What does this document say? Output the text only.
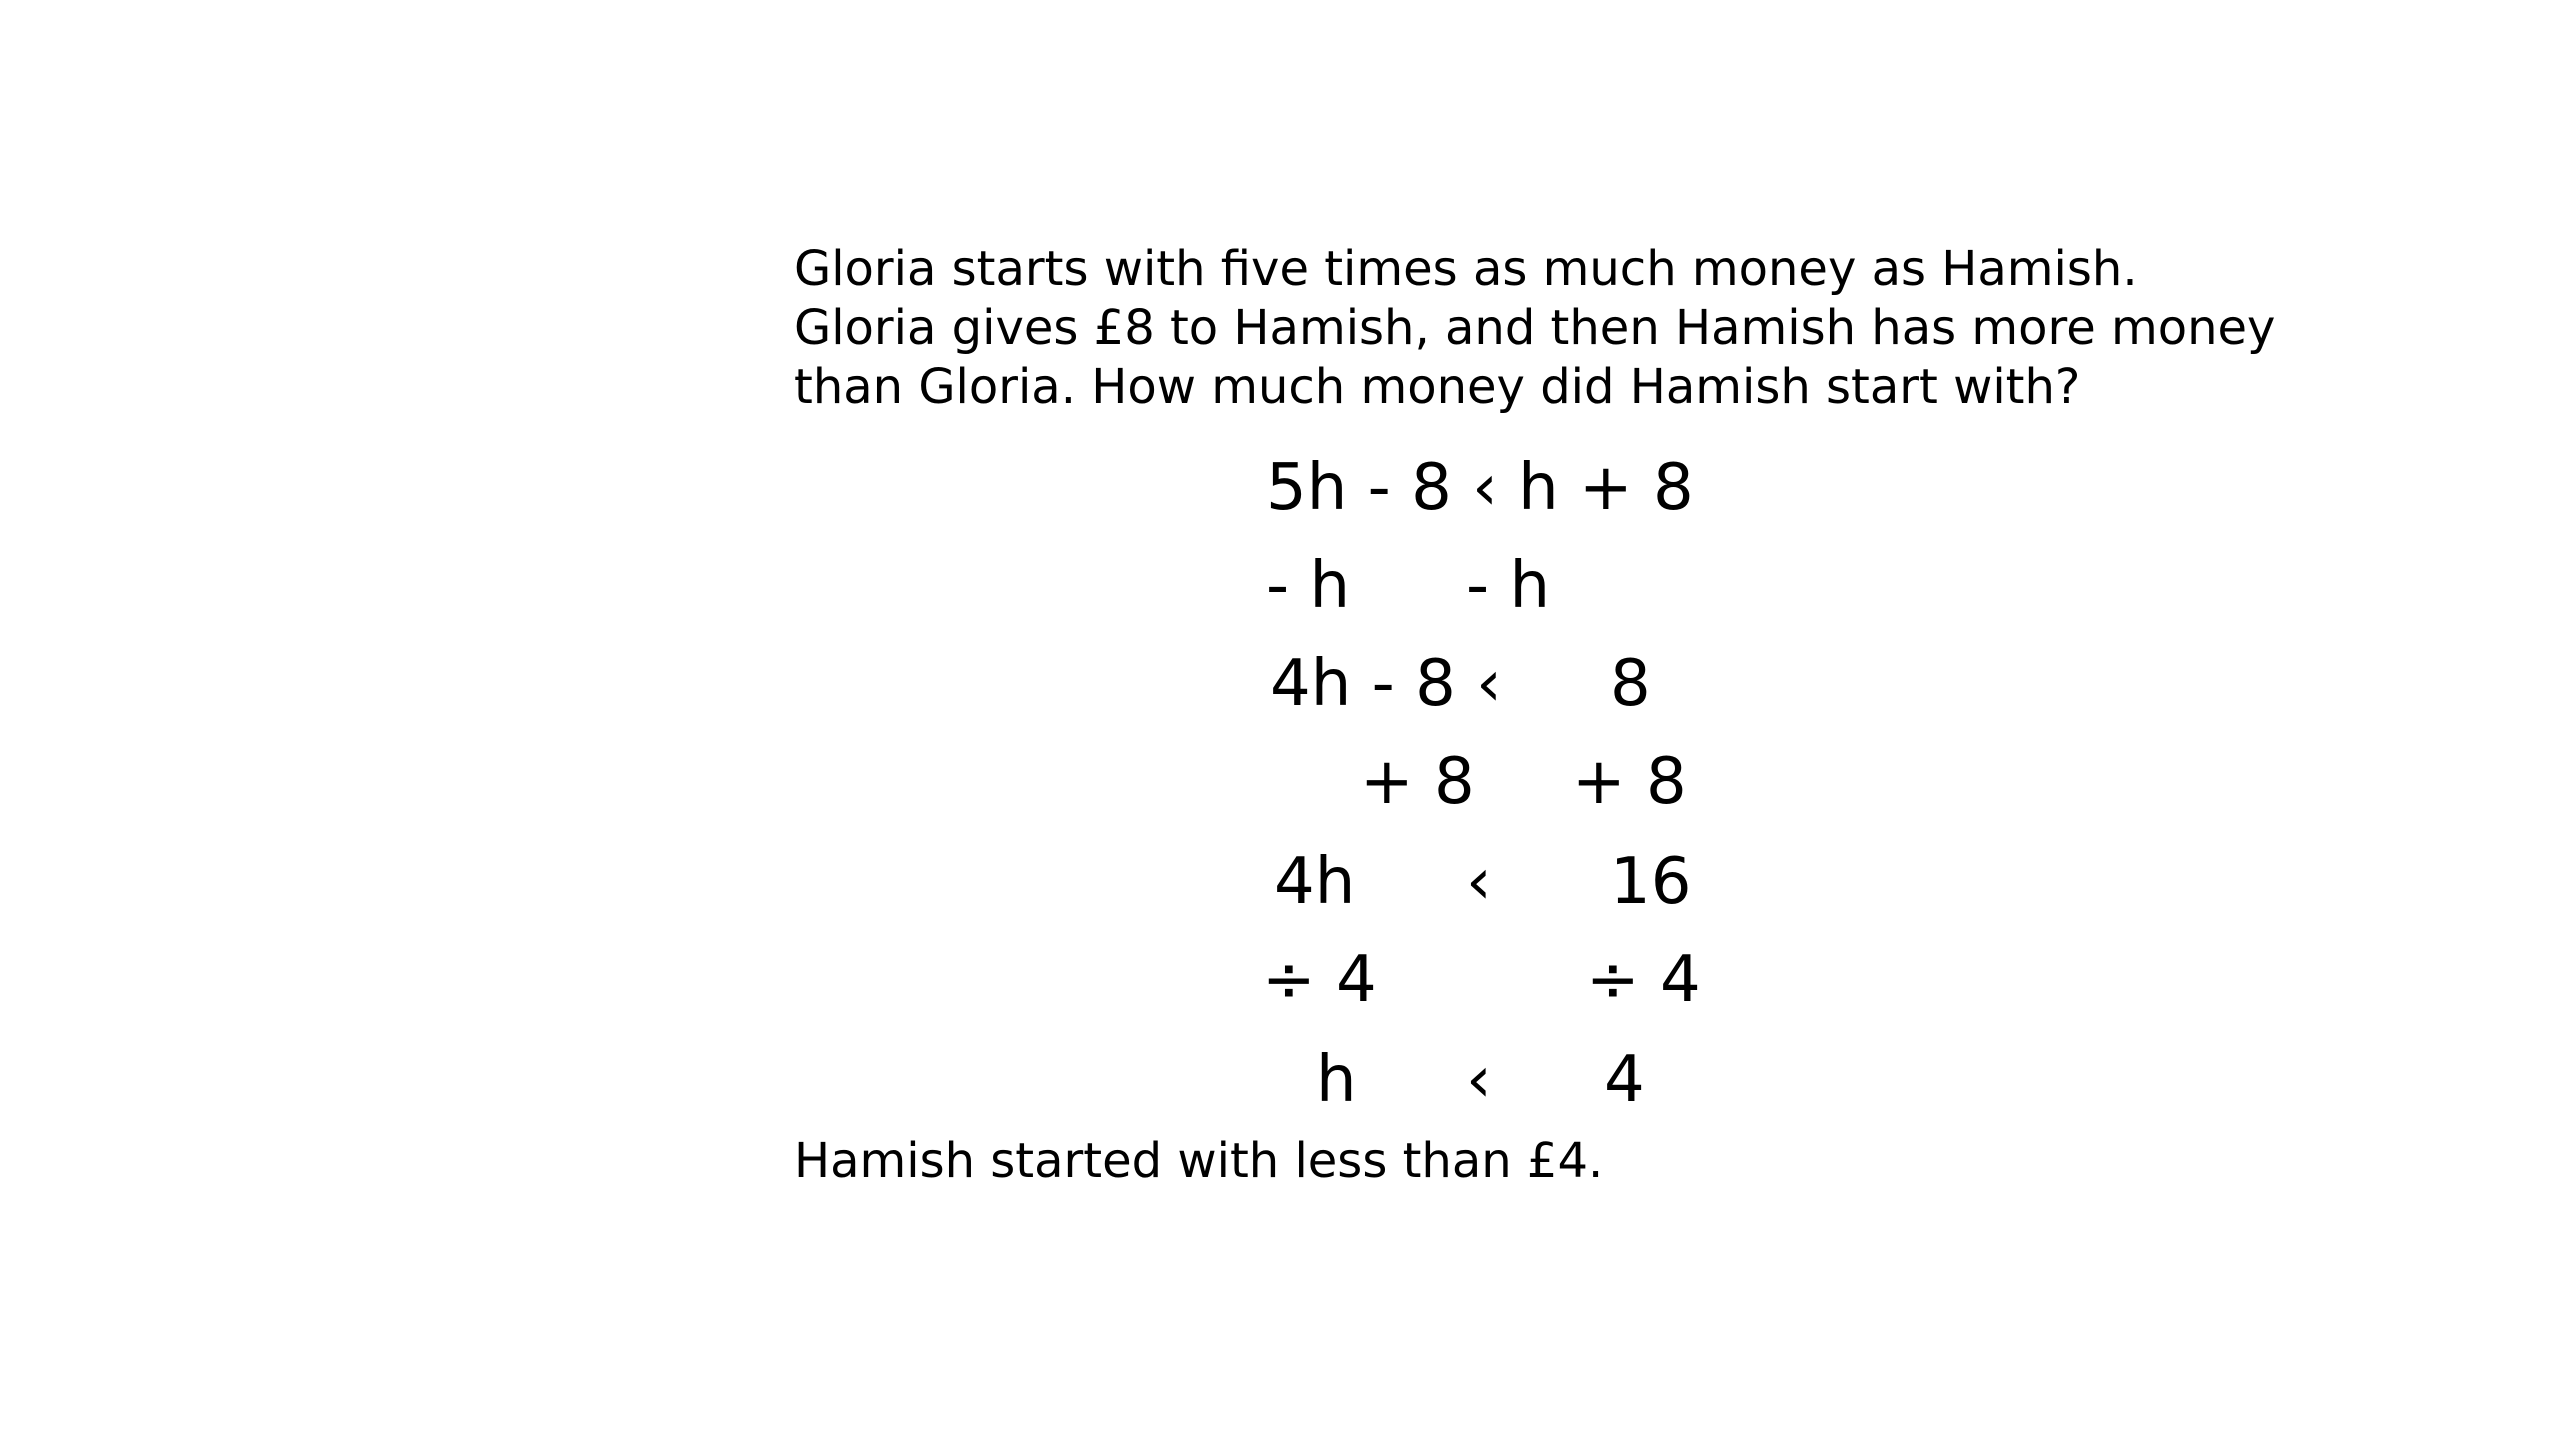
Gloria starts with five times as much money as Hamish.
Gloria gives £8 to Hamish, and then Hamish has more money
than Gloria. How much money did Hamish start with?
5h - 8 ‹ h + 8
- h - h
4h - 8 ‹ 8
+ 8 + 8
4h ‹ 16
÷ 4	÷ 4
h ‹ 4
Hamish started with less than £4.
